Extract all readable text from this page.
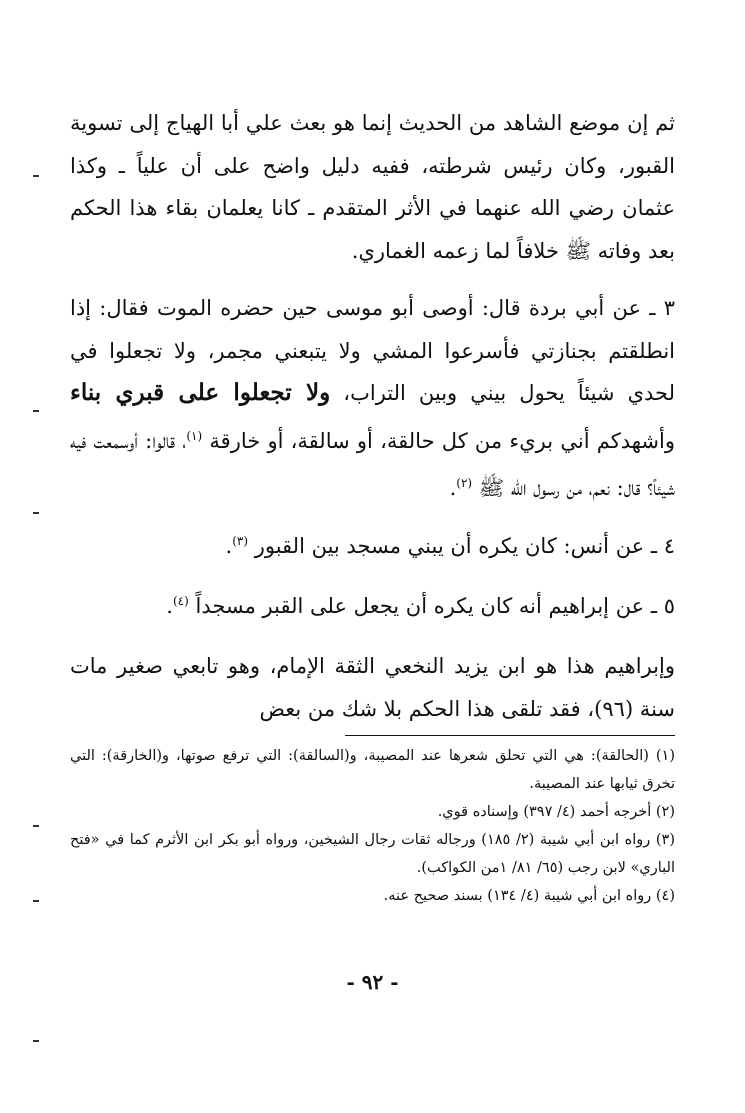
ثم إن موضع الشاهد من الحديث إنما هو بعث علي أبا الهياج إلى تسوية القبور، وكان رئيس شرطته، ففيه دليل واضح على أن علياً ـ وكذا عثمان رضي الله عنهما في الأثر المتقدم ـ كانا يعلمان بقاء هذا الحكم بعد وفاته ﷺ خلافاً لما زعمه الغماري.

٣ ـ عن أبي بردة قال: أوصى أبو موسى حين حضره الموت فقال: إذا انطلقتم بجنازتي فأسرعوا المشي ولا يتبعني مجمر، ولا تجعلوا في لحدي شيئاً يحول بيني وبين التراب، ولا تجعلوا على قبري بناء وأشهدكم أني بريء من كل حالقة، أو سالقة، أو خارقة $^{(١)}$، قالوا: أوسمعت فيه شيئاً؟ قال: نعم، من رسول الله ﷺ $^{(٢)}$.

٤ ـ عن أنس: كان يكره أن يبني مسجد بين القبور $^{(٣)}$.

٥ ـ عن إبراهيم أنه كان يكره أن يجعل على القبر مسجداً $^{(٤)}$.

وإبراهيم هذا هو ابن يزيد النخعي الثقة الإمام، وهو تابعي صغير مات سنة (٩٦)، فقد تلقى هذا الحكم بلا شك من بعض

(١) (الحالقة): هي التي تحلق شعرها عند المصيبة، و(السالقة): التي ترفع صوتها، و(الخارقة): التي تخرق ثيابها عند المصيبة.

(٢) أخرجه أحمد (٤/ ٣٩٧) وإسناده قوي.

(٣) رواه ابن أبي شيبة (٢/ ١٨٥) ورجاله ثقات رجال الشيخين، ورواه أبو بكر ابن الأثرم كما في «فتح الباري» لابن رجب (٦٥/ ٨١/ ١من الكواكب).

(٤) رواه ابن أبي شيبة (٤/ ١٣٤) بسند صحيح عنه.

- ٩٢ -
